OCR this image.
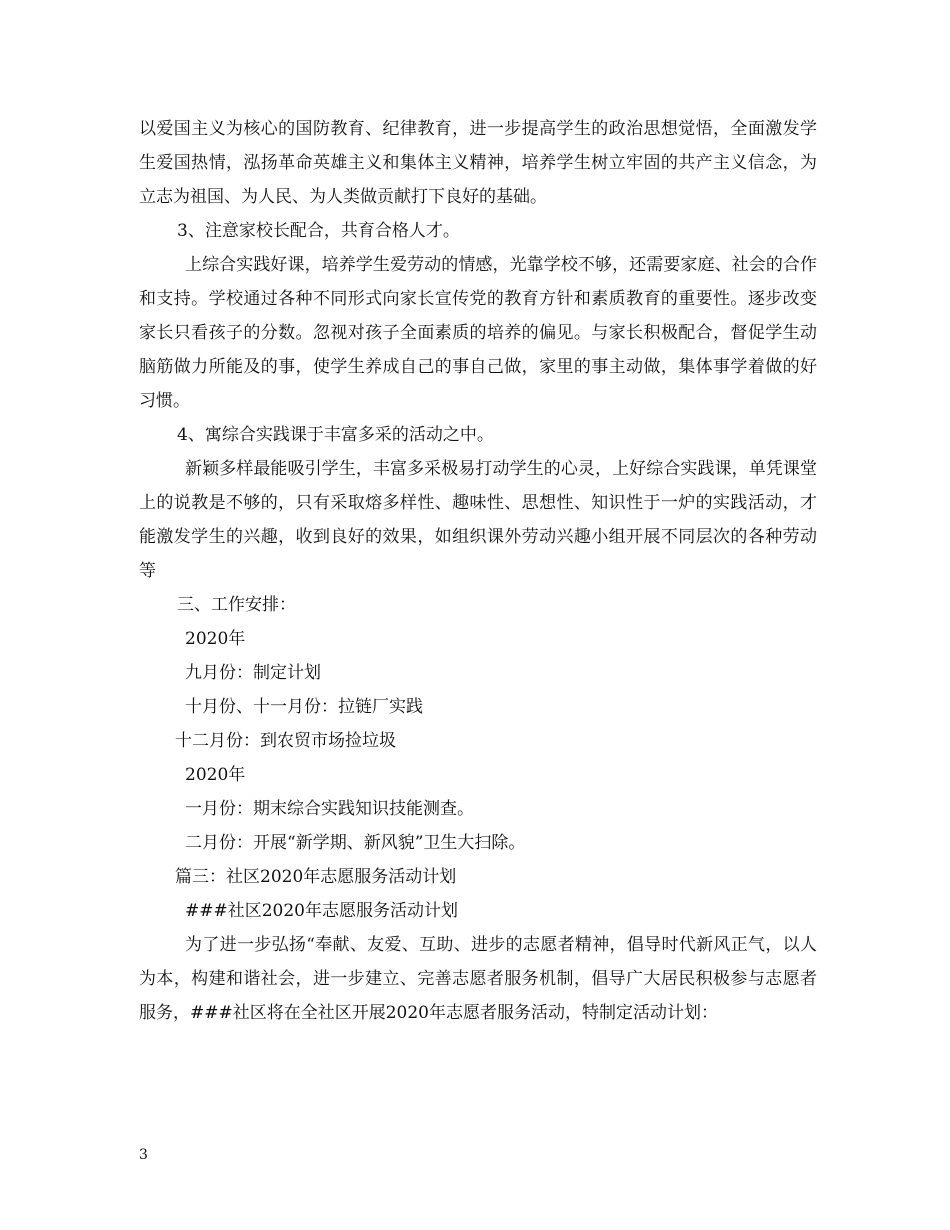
以爱国主义为核心的国防教育、纪律教育，进一步提高学生的政治思想觉悟，全面激发学生爱国热情，泓扬革命英雄主义和集体主义精神，培养学生树立牢固的共产主义信念，为立志为祖国、为人民、为人类做贡献打下良好的基础。

3、注意家校长配合，共育合格人才。

上综合实践好课，培养学生爱劳动的情感，光靠学校不够，还需要家庭、社会的合作和支持。学校通过各种不同形式向家长宣传党的教育方针和素质教育的重要性。逐步改变家长只看孩子的分数。忽视对孩子全面素质的培养的偏见。与家长积极配合，督促学生动脑筋做力所能及的事，使学生养成自己的事自己做，家里的事主动做，集体事学着做的好习惯。

4、寓综合实践课于丰富多采的活动之中。

新颖多样最能吸引学生，丰富多采极易打动学生的心灵，上好综合实践课，单凭课堂上的说教是不够的，只有采取熔多样性、趣味性、思想性、知识性于一炉的实践活动，才能激发学生的兴趣，收到良好的效果，如组织课外劳动兴趣小组开展不同层次的各种劳动等

三、工作安排：

2020年

九月份：制定计划

十月份、十一月份：拉链厂实践

十二月份：到农贸市场捡垃圾

2020年

一月份：期末综合实践知识技能测查。

二月份：开展“新学期、新风貌”卫生大扫除。

篇三：社区2020年志愿服务活动计划

###社区2020年志愿服务活动计划

为了进一步弘扬“奉献、友爱、互助、进步的志愿者精神，倡导时代新风正气，以人为本，构建和谐社会，进一步建立、完善志愿者服务机制，倡导广大居民积极参与志愿者服务，###社区将在全社区开展2020年志愿者服务活动，特制定活动计划：

3
